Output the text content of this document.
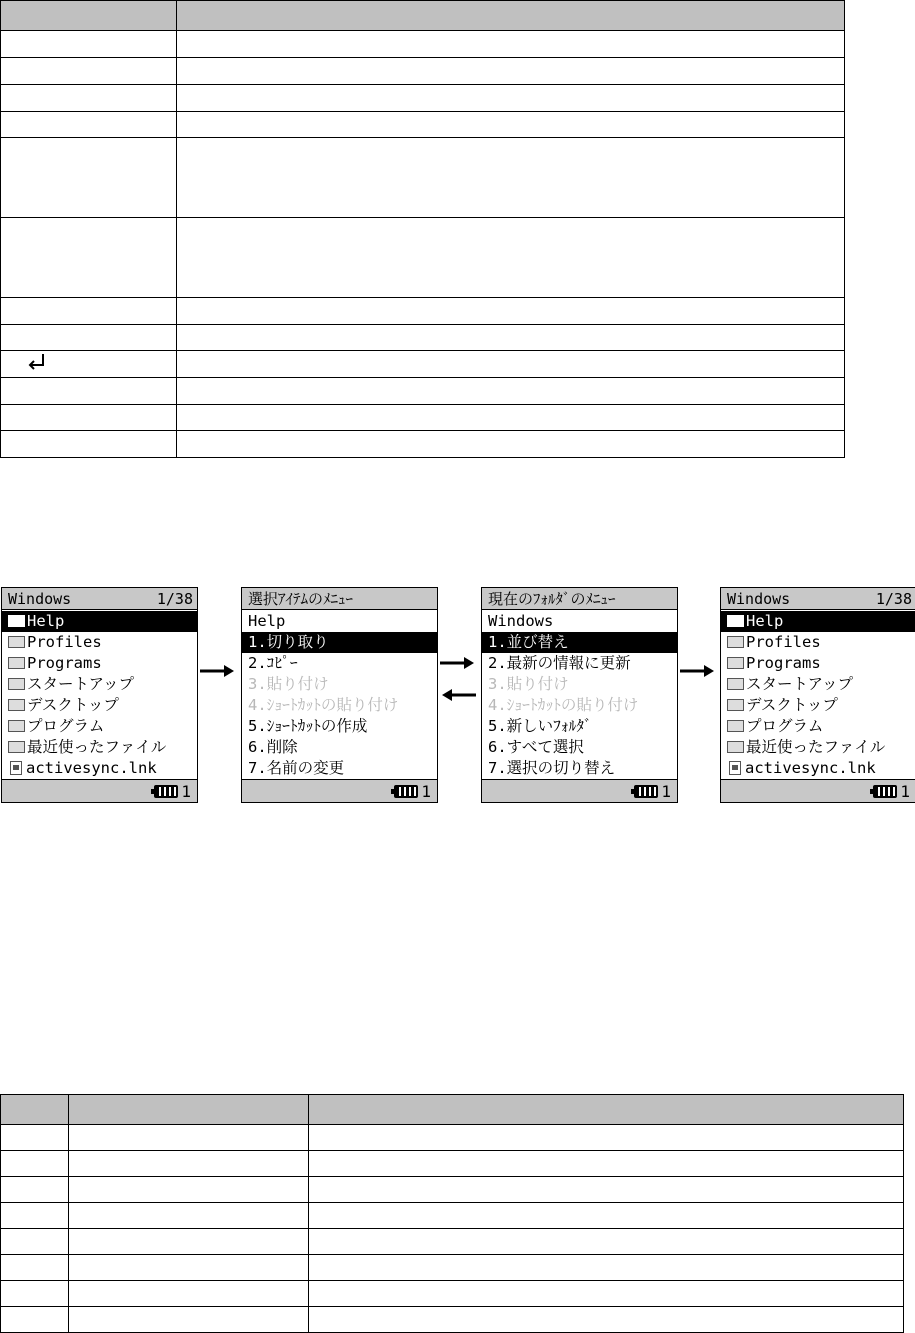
Windows	1/38
Help
Profiles
Programs
スタートアップ
デスクトップ
プログラム
最近使ったファイル
activesync.lnk
1
選択ｱｲﾃﾑのﾒﾆｭｰ
Help
1.切り取り
2.ｺﾋﾟｰ
3.貼り付け
4.ｼｮｰﾄｶｯﾄの貼り付け
5.ｼｮｰﾄｶｯﾄの作成
6.削除
7.名前の変更
1
現在のﾌｫﾙﾀﾞのﾒﾆｭｰ
Windows
1.並び替え
2.最新の情報に更新
3.貼り付け
4.ｼｮｰﾄｶｯﾄの貼り付け
5.新しいﾌｫﾙﾀﾞ
6.すべて選択
7.選択の切り替え
1
Windows	1/38
Help
Profiles
Programs
スタートアップ
デスクトップ
プログラム
最近使ったファイル
activesync.lnk
1
